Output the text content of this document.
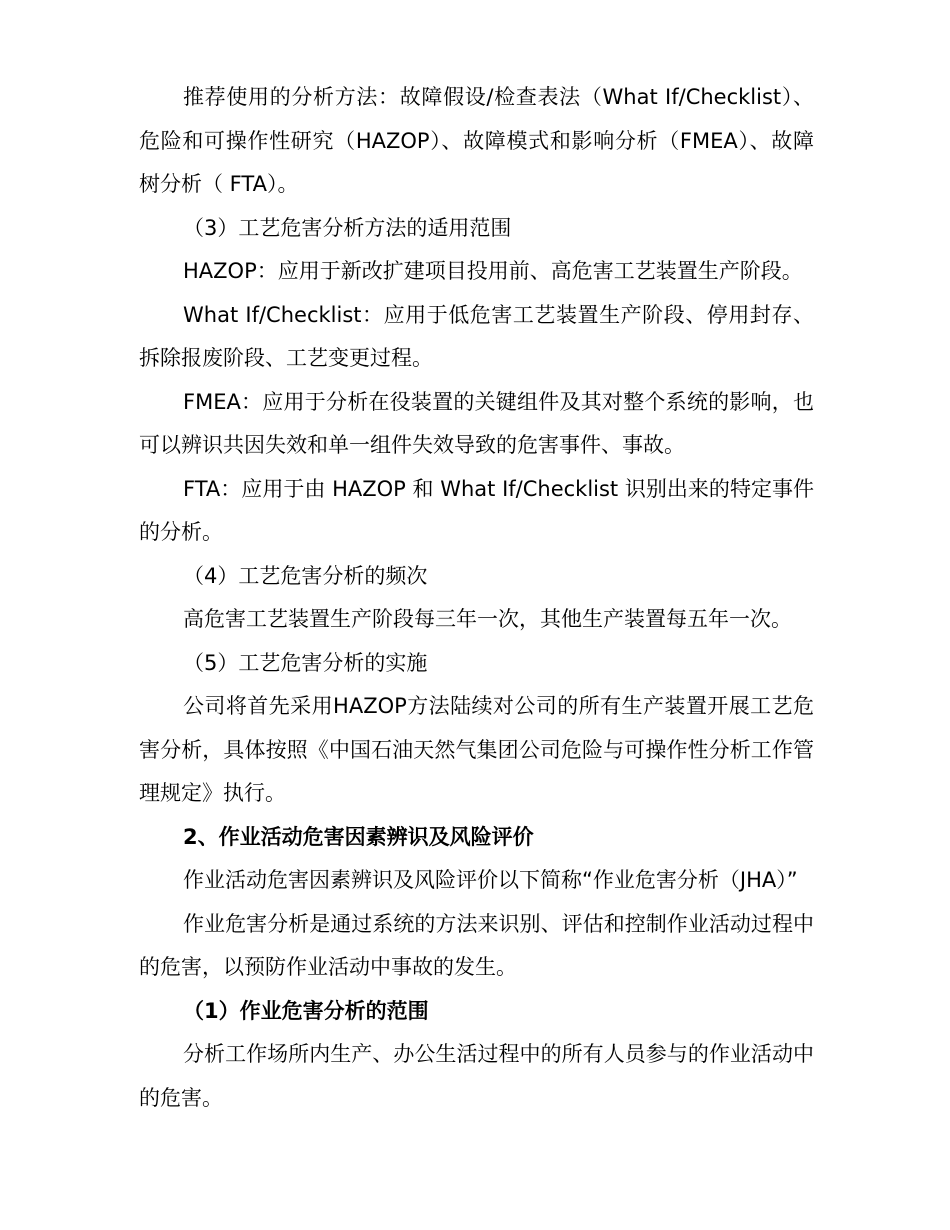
推荐使用的分析方法：故障假设/检查表法（What If/Checklist）、危险和可操作性研究（HAZOP）、故障模式和影响分析（FMEA）、故障树分析（ FTA）。

（3）工艺危害分析方法的适用范围

HAZOP：应用于新改扩建项目投用前、高危害工艺装置生产阶段。

What If/Checklist：应用于低危害工艺装置生产阶段、停用封存、拆除报废阶段、工艺变更过程。

FMEA：应用于分析在役装置的关键组件及其对整个系统的影响，也可以辨识共因失效和单一组件失效导致的危害事件、事故。

FTA：应用于由 HAZOP 和 What If/Checklist 识别出来的特定事件的分析。

（4）工艺危害分析的频次

高危害工艺装置生产阶段每三年一次，其他生产装置每五年一次。

（5）工艺危害分析的实施

公司将首先采用HAZOP方法陆续对公司的所有生产装置开展工艺危害分析，具体按照《中国石油天然气集团公司危险与可操作性分析工作管理规定》执行。

2、作业活动危害因素辨识及风险评价

作业活动危害因素辨识及风险评价以下简称“作业危害分析（JHA）”

作业危害分析是通过系统的方法来识别、评估和控制作业活动过程中的危害，以预防作业活动中事故的发生。

（1）作业危害分析的范围

分析工作场所内生产、办公生活过程中的所有人员参与的作业活动中的危害。
